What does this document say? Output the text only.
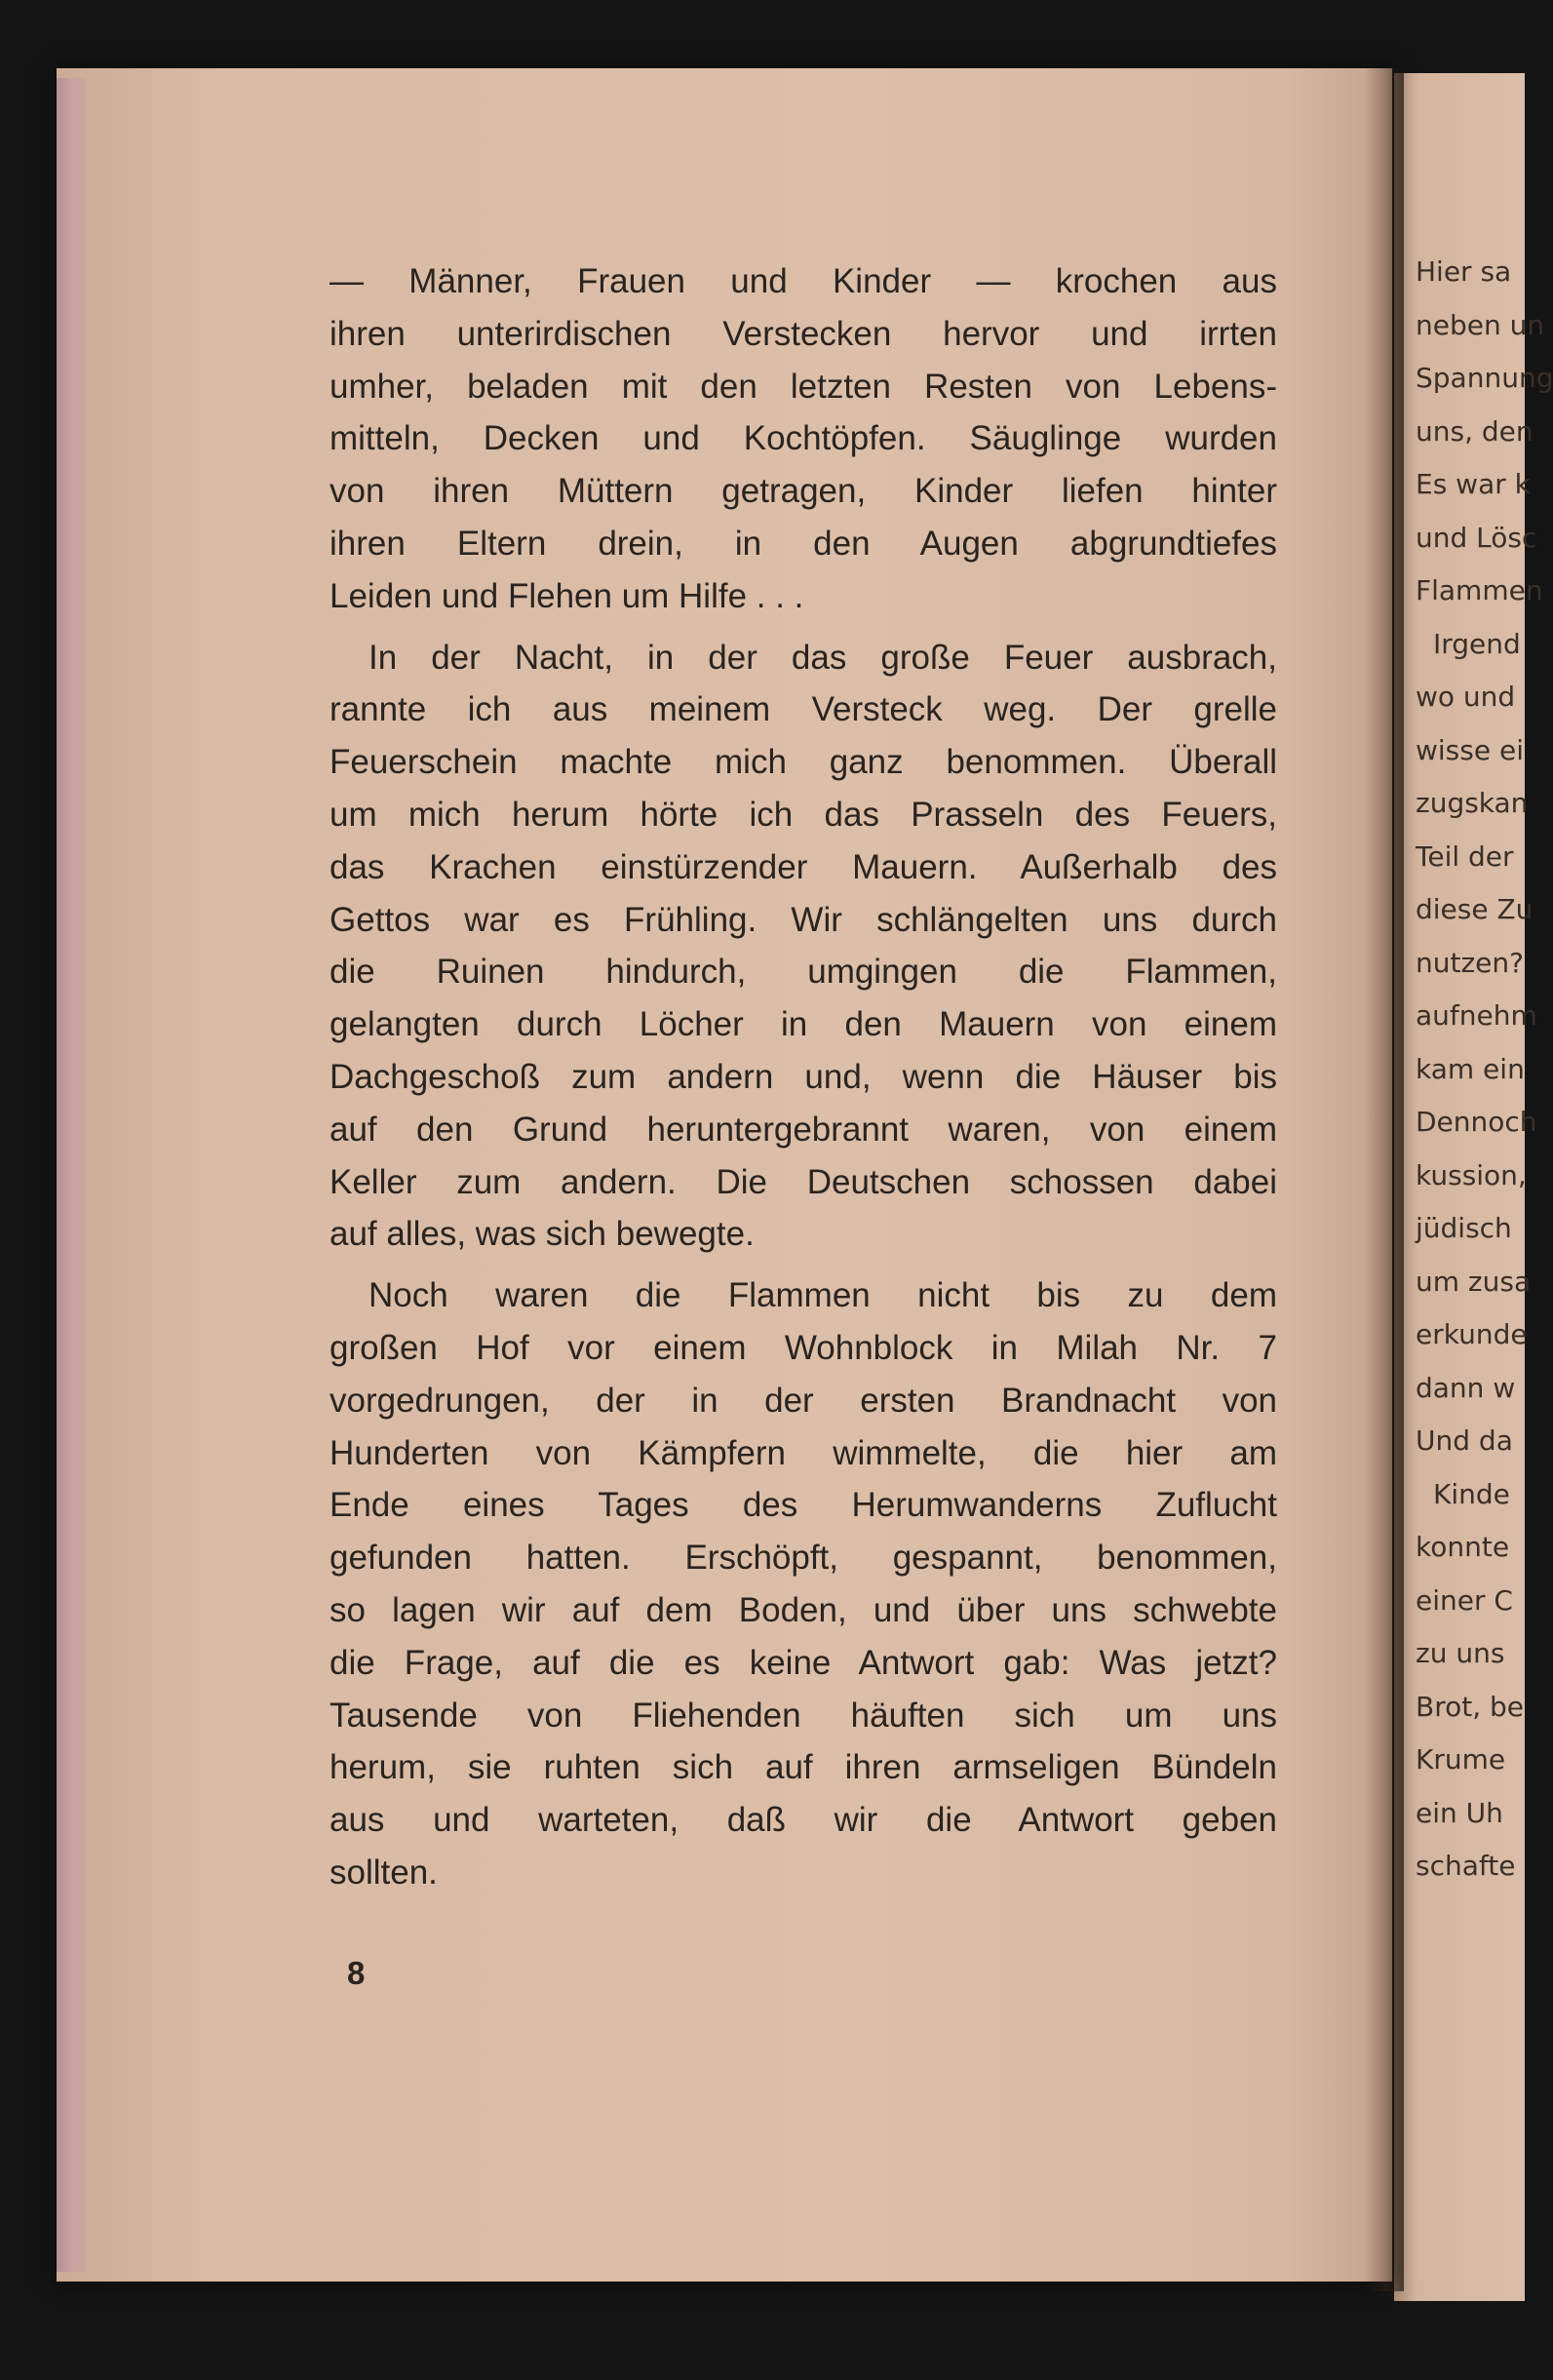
— Männer, Frauen und Kinder — krochen aus
ihren unterirdischen Verstecken hervor und irrten
umher, beladen mit den letzten Resten von Lebens-
mitteln, Decken und Kochtöpfen. Säuglinge wurden
von ihren Müttern getragen, Kinder liefen hinter
ihren Eltern drein, in den Augen abgrundtiefes
Leiden und Flehen um Hilfe . . .
In der Nacht, in der das große Feuer ausbrach,
rannte ich aus meinem Versteck weg. Der grelle
Feuerschein machte mich ganz benommen. Überall
um mich herum hörte ich das Prasseln des Feuers,
das Krachen einstürzender Mauern. Außerhalb des
Gettos war es Frühling. Wir schlängelten uns durch
die Ruinen hindurch, umgingen die Flammen,
gelangten durch Löcher in den Mauern von einem
Dachgeschoß zum andern und, wenn die Häuser bis
auf den Grund heruntergebrannt waren, von einem
Keller zum andern. Die Deutschen schossen dabei
auf alles, was sich bewegte.
Noch waren die Flammen nicht bis zu dem
großen Hof vor einem Wohnblock in Milah Nr. 7
vorgedrungen, der in der ersten Brandnacht von
Hunderten von Kämpfern wimmelte, die hier am
Ende eines Tages des Herumwanderns Zuflucht
gefunden hatten. Erschöpft, gespannt, benommen,
so lagen wir auf dem Boden, und über uns schwebte
die Frage, auf die es keine Antwort gab: Was jetzt?
Tausende von Fliehenden häuften sich um uns
herum, sie ruhten sich auf ihren armseligen Bündeln
aus und warteten, daß wir die Antwort geben
sollten.
8
Hier sa
neben un
Spannung
uns, den
Es war k
und Lösc
Flammen
Irgend
wo und
wisse ei
zugskan
Teil der
diese Zu
nutzen?
aufnehm
kam ein
Dennoch
kussion,
jüdisch
um zusa
erkunde
dann w
Und da
Kinde
konnte
einer C
zu uns
Brot, be
Krume
ein Uh
schafte
